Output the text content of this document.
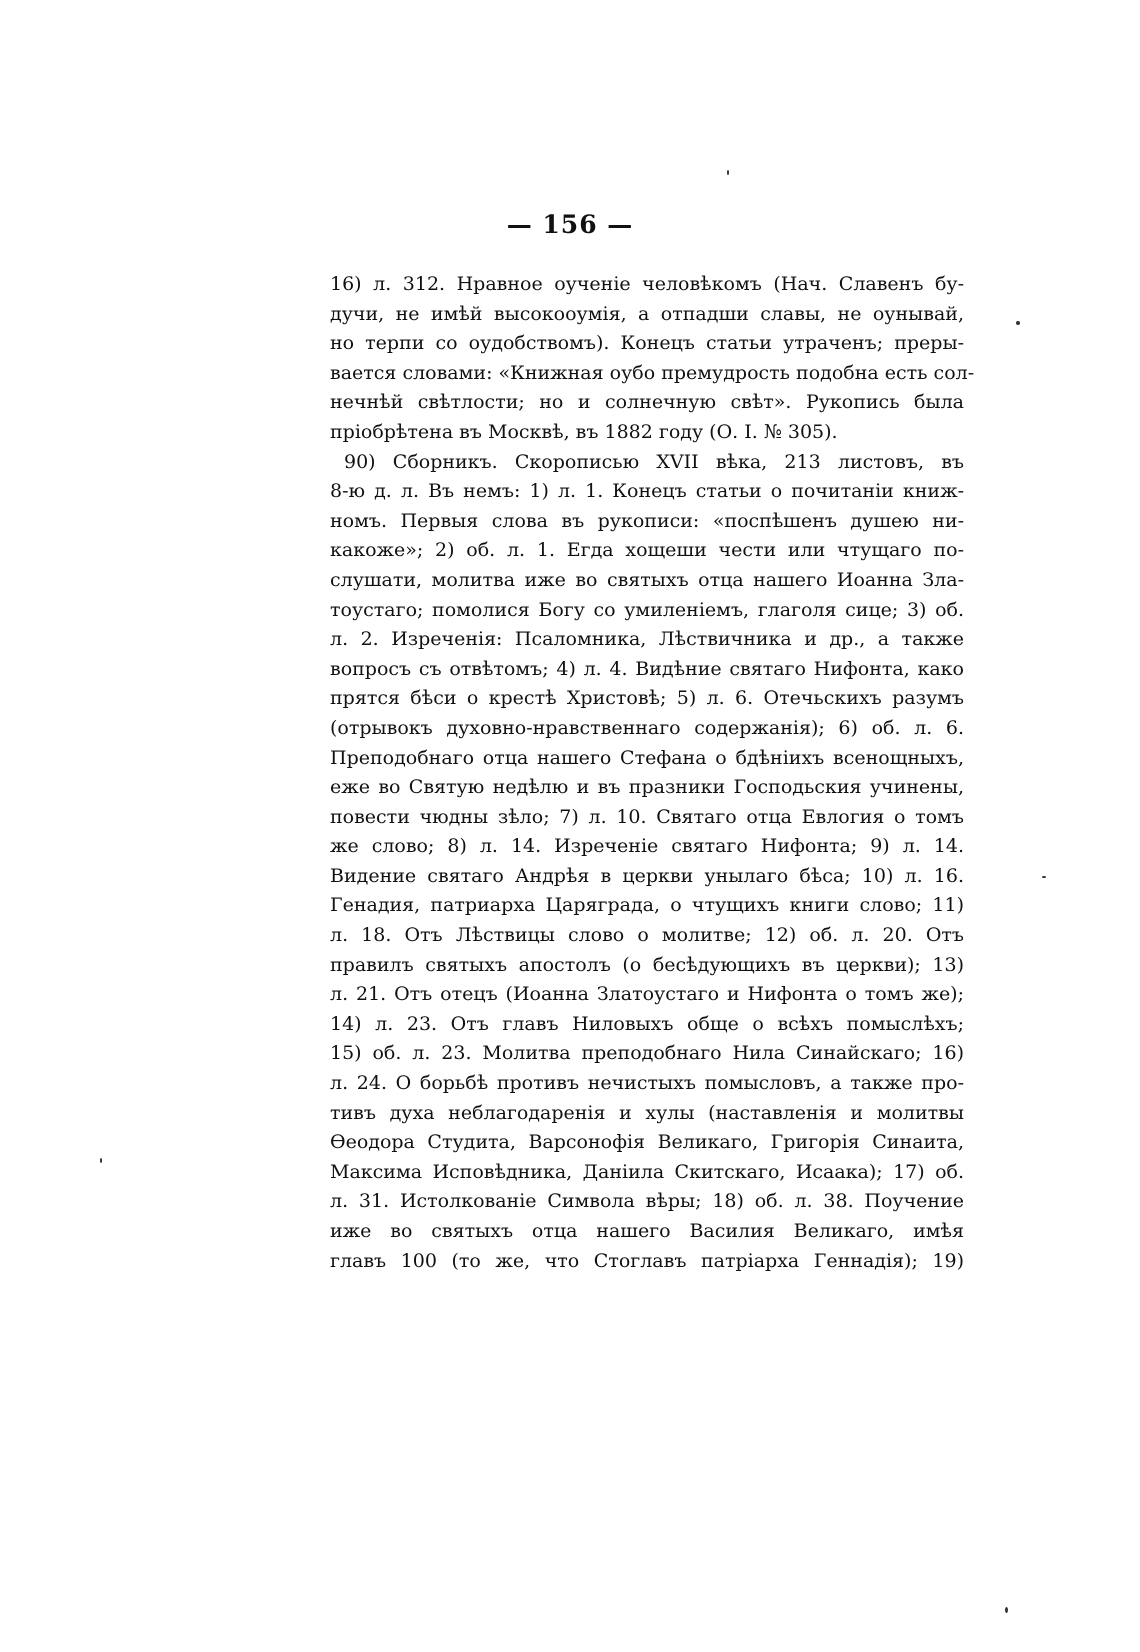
— 156 —
16) л. 312. Нравное оученіе человѣкомъ (Нач. Славенъ бу-
дучи, не имѣй высокооумія, а отпадши славы, не оунывай,
но терпи со оудобствомъ). Конецъ статьи утраченъ; преры-
вается словами: «Книжная оубо премудрость подобна есть сол-
нечнѣй свѣтлости; но и солнечную свѣт». Рукопись была
пріобрѣтена въ Москвѣ, въ 1882 году (О. I. № 305).
90) Сборникъ. Скорописью XVII вѣка, 213 листовъ, въ
8-ю д. л. Въ немъ: 1) л. 1. Конецъ статьи о почитаніи книж-
номъ. Первыя слова въ рукописи: «поспѣшенъ душею ни-
какоже»; 2) об. л. 1. Егда хощеши чести или чтущаго по-
слушати, молитва иже во святыхъ отца нашего Иоанна Зла-
тоустаго; помолися Богу со умиленіемъ, глаголя сице; 3) об.
л. 2. Изреченія: Псаломника, Лѣствичника и др., а также
вопросъ съ отвѣтомъ; 4) л. 4. Видѣние святаго Нифонта, како
прятся бѣси о крестѣ Христовѣ; 5) л. 6. Отечьскихъ разумъ
(отрывокъ духовно-нравственнаго содержанія); 6) об. л. 6.
Преподобнаго отца нашего Стефана о бдѣніихъ всенощныхъ,
еже во Святую недѣлю и въ празники Господьския учинены,
повести чюдны зѣло; 7) л. 10. Святаго отца Евлогия о томъ
же слово; 8) л. 14. Изреченіе святаго Нифонта; 9) л. 14.
Видение святаго Андрѣя в церкви унылаго бѣса; 10) л. 16.
Генадия, патриарха Царяграда, о чтущихъ книги слово; 11)
л. 18. Отъ Лѣствицы слово о молитве; 12) об. л. 20. Отъ
правилъ святыхъ апостолъ (о бесѣдующихъ въ церкви); 13)
л. 21. Отъ отецъ (Иоанна Златоустаго и Нифонта о томъ же);
14) л. 23. Отъ главъ Ниловыхъ обще о всѣхъ помыслѣхъ;
15) об. л. 23. Молитва преподобнаго Нила Синайскаго; 16)
л. 24. О борьбѣ противъ нечистыхъ помысловъ, а также про-
тивъ духа неблагодаренія и хулы (наставленія и молитвы
Өеодора Студита, Варсонофія Великаго, Григорія Синаита,
Максима Исповѣдника, Даніила Скитскаго, Исаака); 17) об.
л. 31. Истолкованіе Символа вѣры; 18) об. л. 38. Поучение
иже во святыхъ отца нашего Василия Великаго, имѣя
главъ 100 (то же, что Стоглавъ патріарха Геннадія); 19)
